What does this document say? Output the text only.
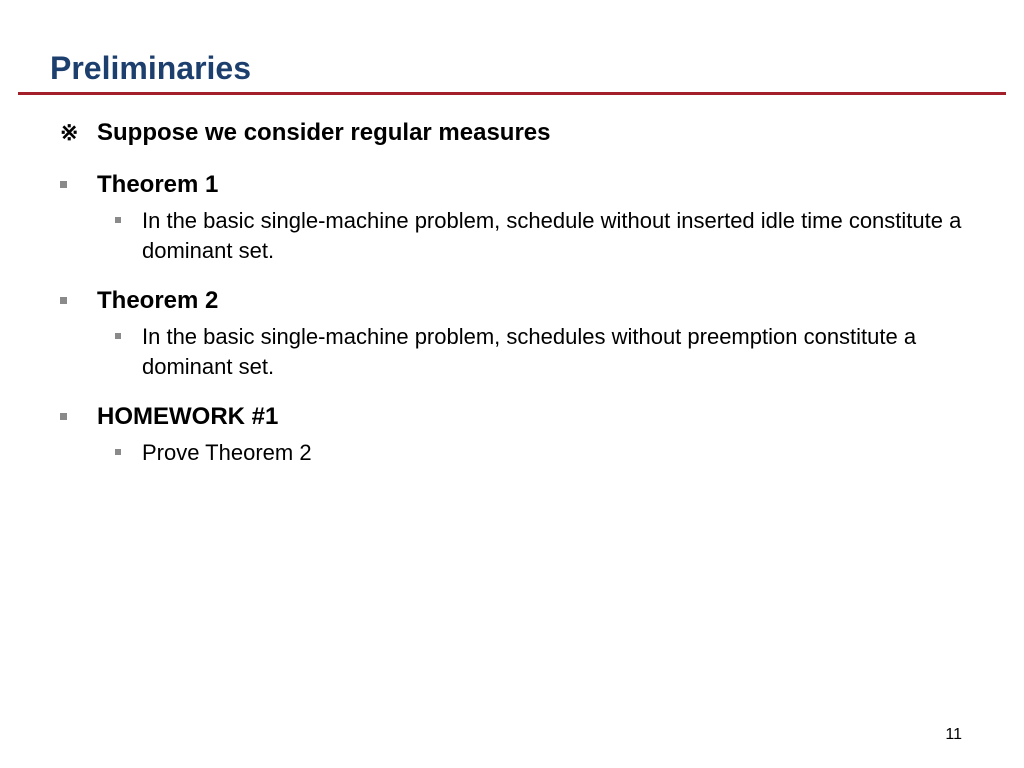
Preliminaries
※ Suppose we consider regular measures
Theorem 1
In the basic single-machine problem, schedule without inserted idle time constitute a dominant set.
Theorem 2
In the basic single-machine problem, schedules without preemption constitute a dominant set.
HOMEWORK #1
Prove Theorem 2
11
